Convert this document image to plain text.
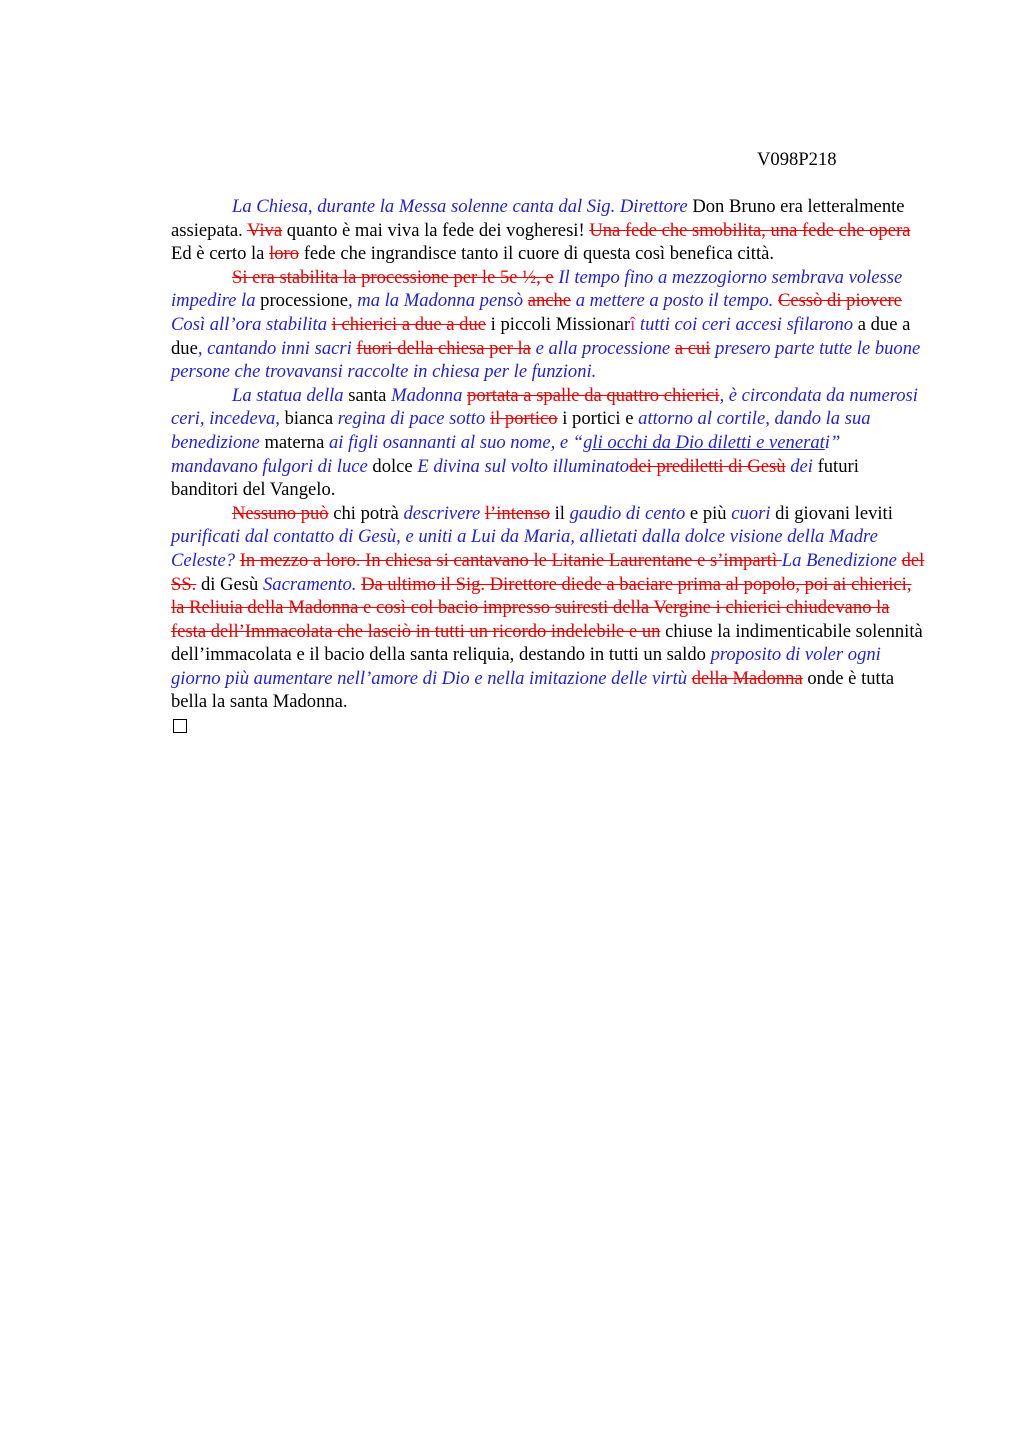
V098P218

La Chiesa, durante la Messa solenne canta dal Sig. Direttore Don Bruno era letteralmente assiepata. Viva quanto è mai viva la fede dei vogheresi! Una fede che smobilita, una fede che opera Ed è certo la loro fede che ingrandisce tanto il cuore di questa così benefica città.

Si era stabilita la processione per le 5e ½, e Il tempo fino a mezzogiorno sembrava volesse impedire la processione, ma la Madonna pensò anche a mettere a posto il tempo. Cessò di piovere Così all’ora stabilita i chierici a due a due i piccoli Missionarî tutti coi ceri accesi sfilarono a due a due, cantando inni sacri fuori della chiesa per la e alla processione a cui presero parte tutte le buone persone che trovavansi raccolte in chiesa per le funzioni.

La statua della santa Madonna portata a spalle da quattro chierici, è circondata da numerosi ceri, incedeva, bianca regina di pace sotto il portico i portici e attorno al cortile, dando la sua benedizione materna ai figli osannanti al suo nome, e “gli occhi da Dio diletti e venerati” mandavano fulgori di luce dolce E divina sul volto illuminatodei prediletti di Gesù dei futuri banditori del Vangelo.

Nessuno può chi potrà descrivere l’intenso il gaudio di cento e più cuori di giovani leviti purificati dal contatto di Gesù, e uniti a Lui da Maria, allietati dalla dolce visione della Madre Celeste? In mezzo a loro. In chiesa si cantavano le Litanie Laurentane e s’impartì La Benedizione del SS. di Gesù Sacramento. Da ultimo il Sig. Direttore diede a baciare prima al popolo, poi ai chierici, la Reliuia della Madonna e così col bacio impresso suiresti della Vergine i chierici chiudevano la festa dell’Immacolata che lasciò in tutti un ricordo indelebile e un chiuse la indimenticabile solennità dell’immacolata e il bacio della santa reliquia, destando in tutti un saldo proposito di voler ogni giorno più aumentare nell’amore di Dio e nella imitazione delle virtù della Madonna onde è tutta bella la santa Madonna.
